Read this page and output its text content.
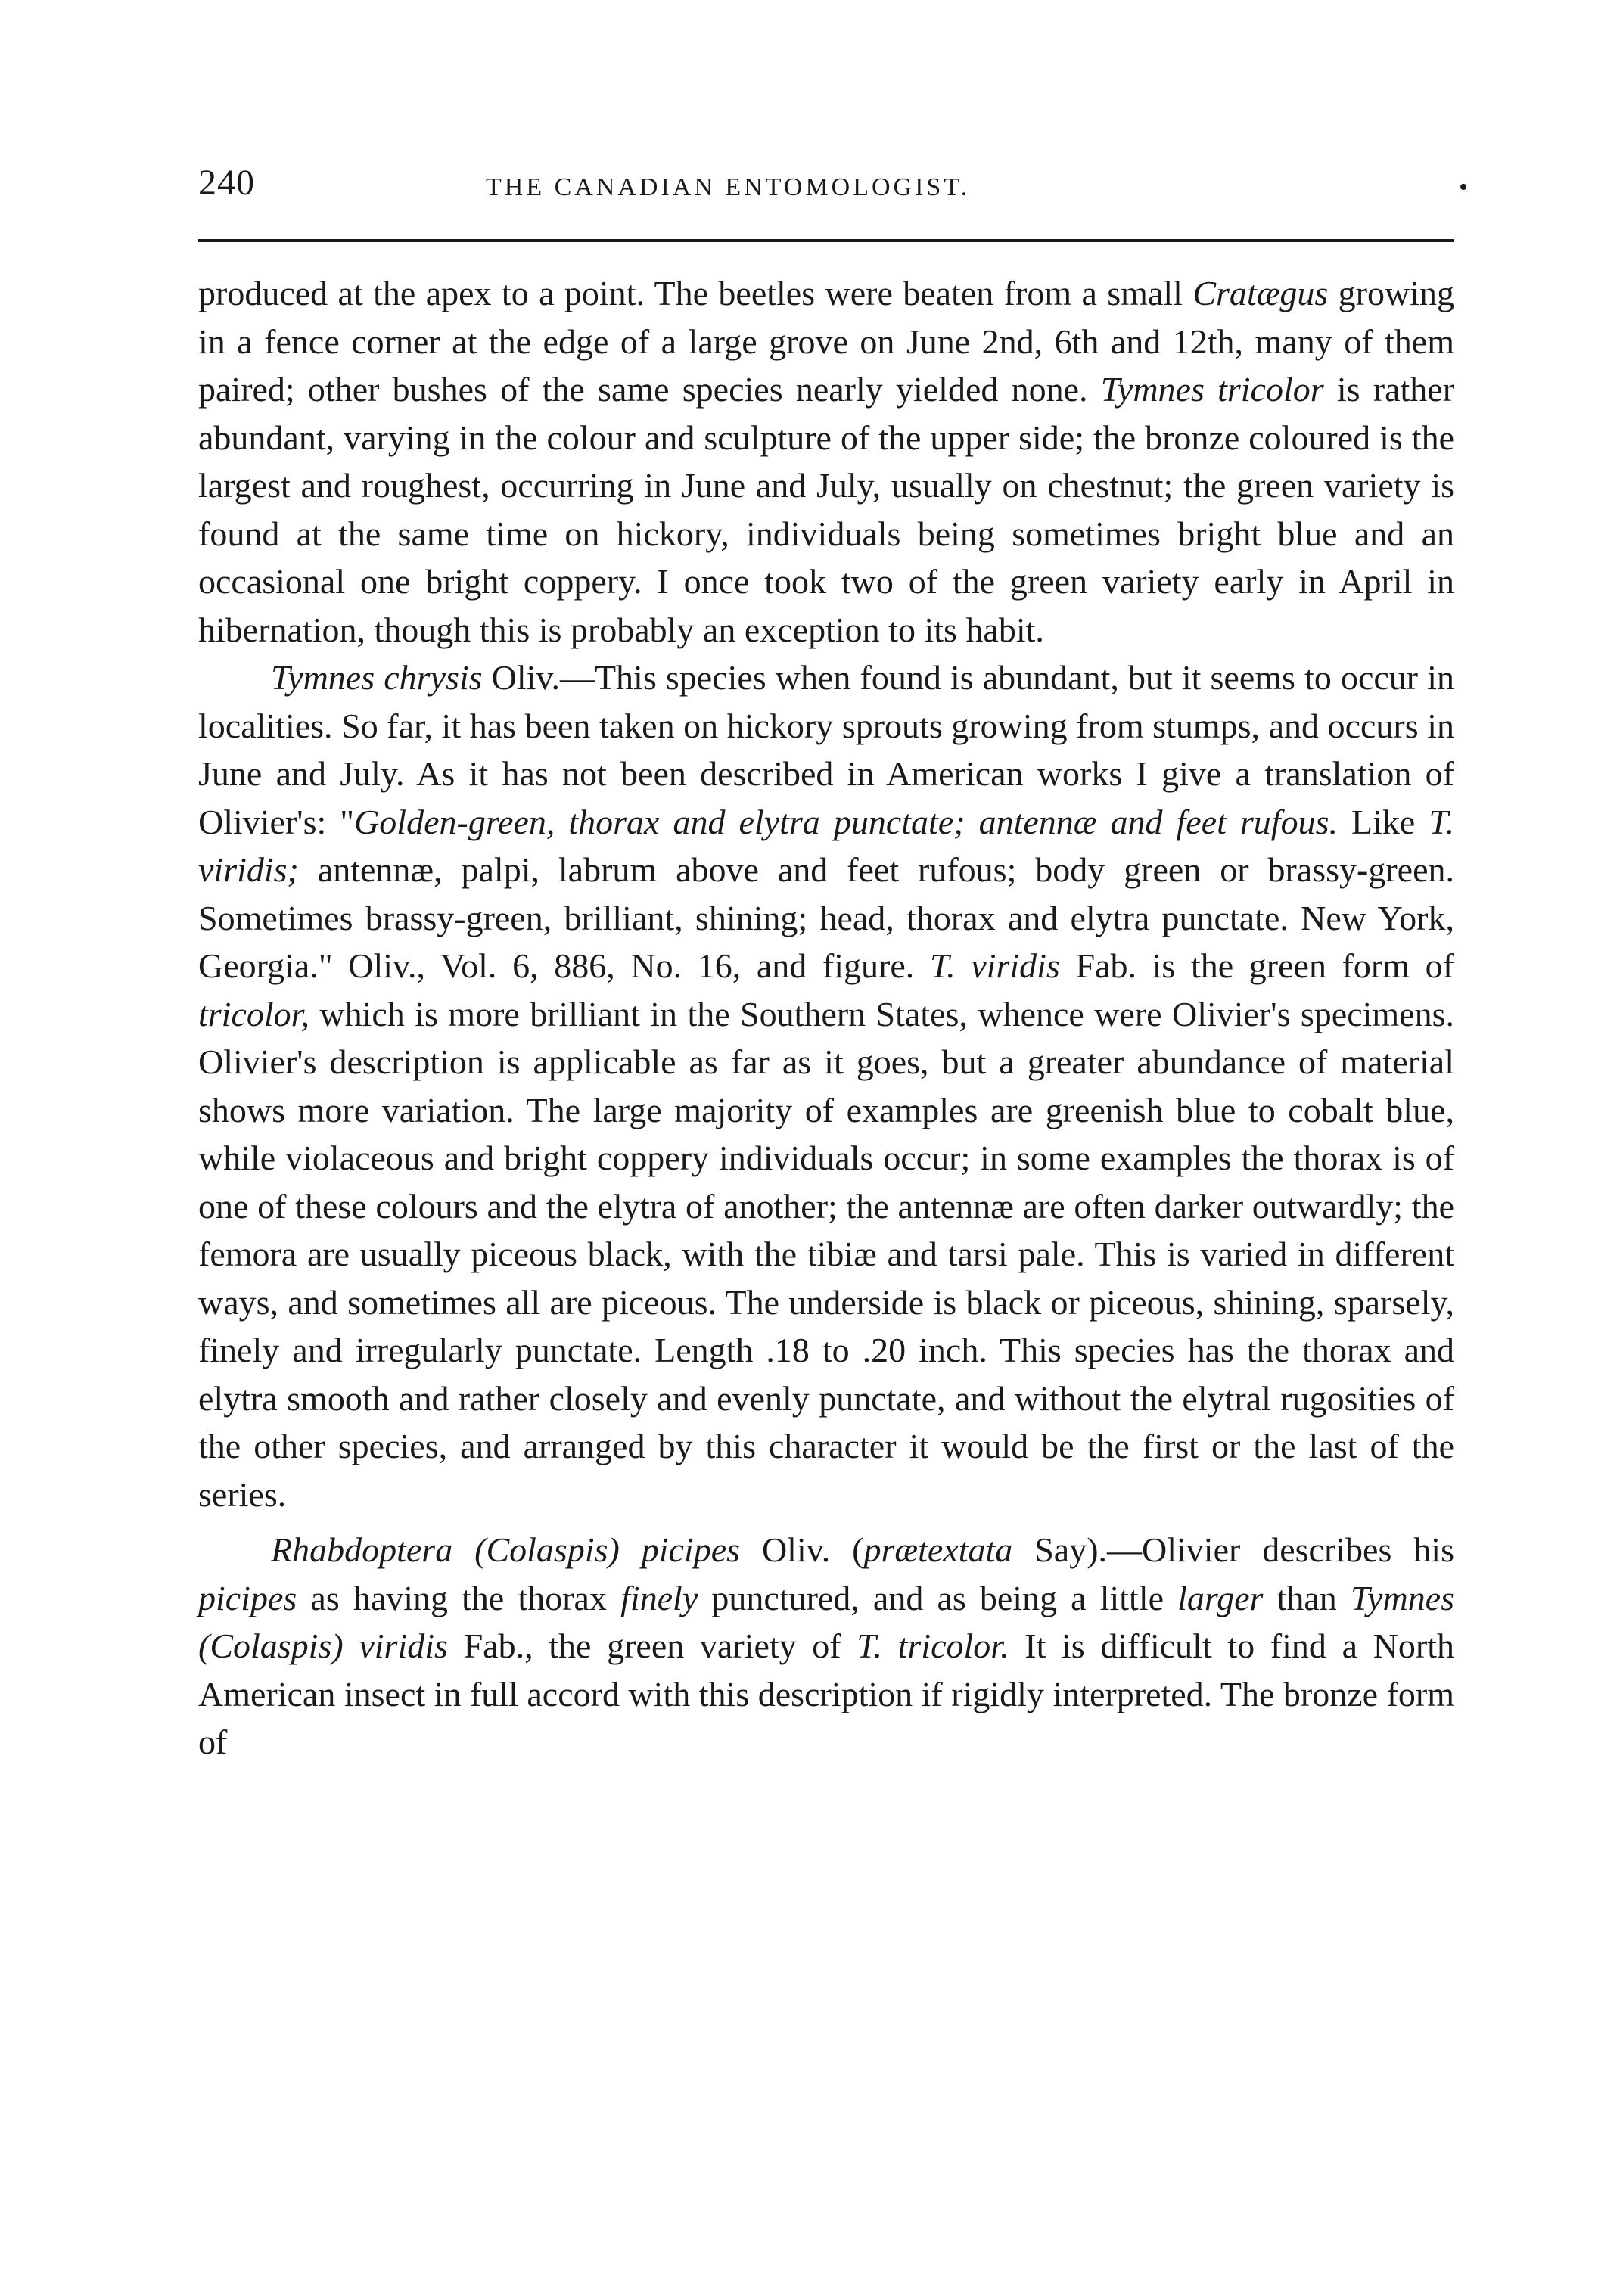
240	THE CANADIAN ENTOMOLOGIST.	•

produced at the apex to a point. The beetles were beaten from a small Cratægus growing in a fence corner at the edge of a large grove on June 2nd, 6th and 12th, many of them paired; other bushes of the same species nearly yielded none. Tymnes tricolor is rather abundant, varying in the colour and sculpture of the upper side; the bronze coloured is the largest and roughest, occurring in June and July, usually on chestnut; the green variety is found at the same time on hickory, individuals being sometimes bright blue and an occasional one bright coppery. I once took two of the green variety early in April in hibernation, though this is probably an exception to its habit.

Tymnes chrysis Oliv.—This species when found is abundant, but it seems to occur in localities. So far, it has been taken on hickory sprouts growing from stumps, and occurs in June and July. As it has not been described in American works I give a translation of Olivier's: "Golden-green, thorax and elytra punctate; antennæ and feet rufous. Like T. viridis; antennæ, palpi, labrum above and feet rufous; body green or brassy-green. Sometimes brassy-green, brilliant, shining; head, thorax and elytra punctate. New York, Georgia." Oliv., Vol. 6, 886, No. 16, and figure. T. viridis Fab. is the green form of tricolor, which is more brilliant in the Southern States, whence were Olivier's specimens. Olivier's description is applicable as far as it goes, but a greater abundance of material shows more variation. The large majority of examples are greenish blue to cobalt blue, while violaceous and bright coppery individuals occur; in some examples the thorax is of one of these colours and the elytra of another; the antennæ are often darker outwardly; the femora are usually piceous black, with the tibiæ and tarsi pale. This is varied in different ways, and sometimes all are piceous. The underside is black or piceous, shining, sparsely, finely and irregularly punctate. Length .18 to .20 inch. This species has the thorax and elytra smooth and rather closely and evenly punctate, and without the elytral rugosities of the other species, and arranged by this character it would be the first or the last of the series.

Rhabdoptera (Colaspis) picipes Oliv. (prætextata Say).—Olivier describes his picipes as having the thorax finely punctured, and as being a little larger than Tymnes (Colaspis) viridis Fab., the green variety of T. tricolor. It is difficult to find a North American insect in full accord with this description if rigidly interpreted. The bronze form of
